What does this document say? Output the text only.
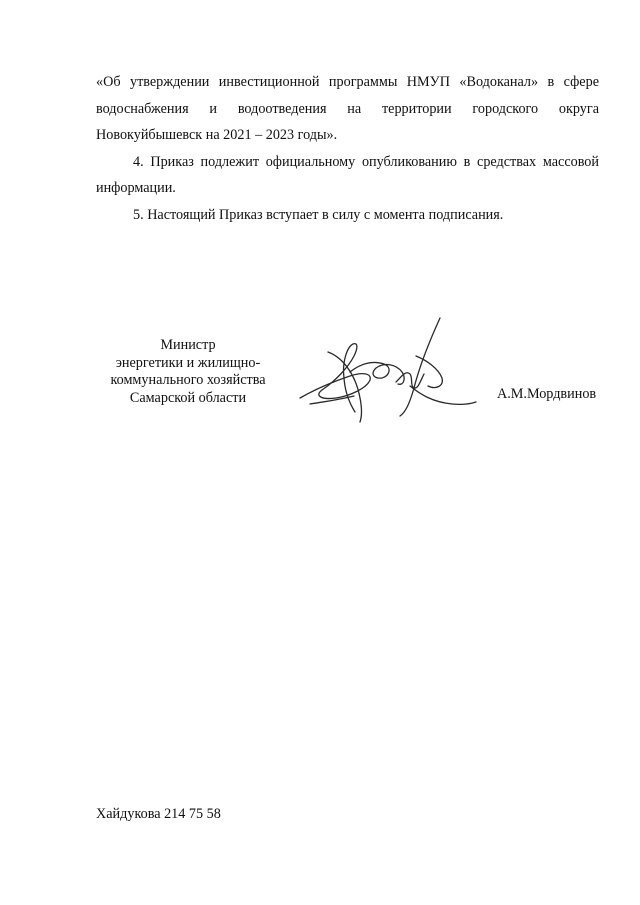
«Об утверждении инвестиционной программы НМУП «Водоканал» в сфере водоснабжения и водоотведения на территории городского округа Новокуйбышевск на 2021 – 2023 годы».

4. Приказ подлежит официальному опубликованию в средствах массовой информации.

5. Настоящий Приказ вступает в силу с момента подписания.

Министр
энергетики и жилищно-
коммунального хозяйства
Самарской области	А.М.Мордвинов
Хайдукова 214 75 58
